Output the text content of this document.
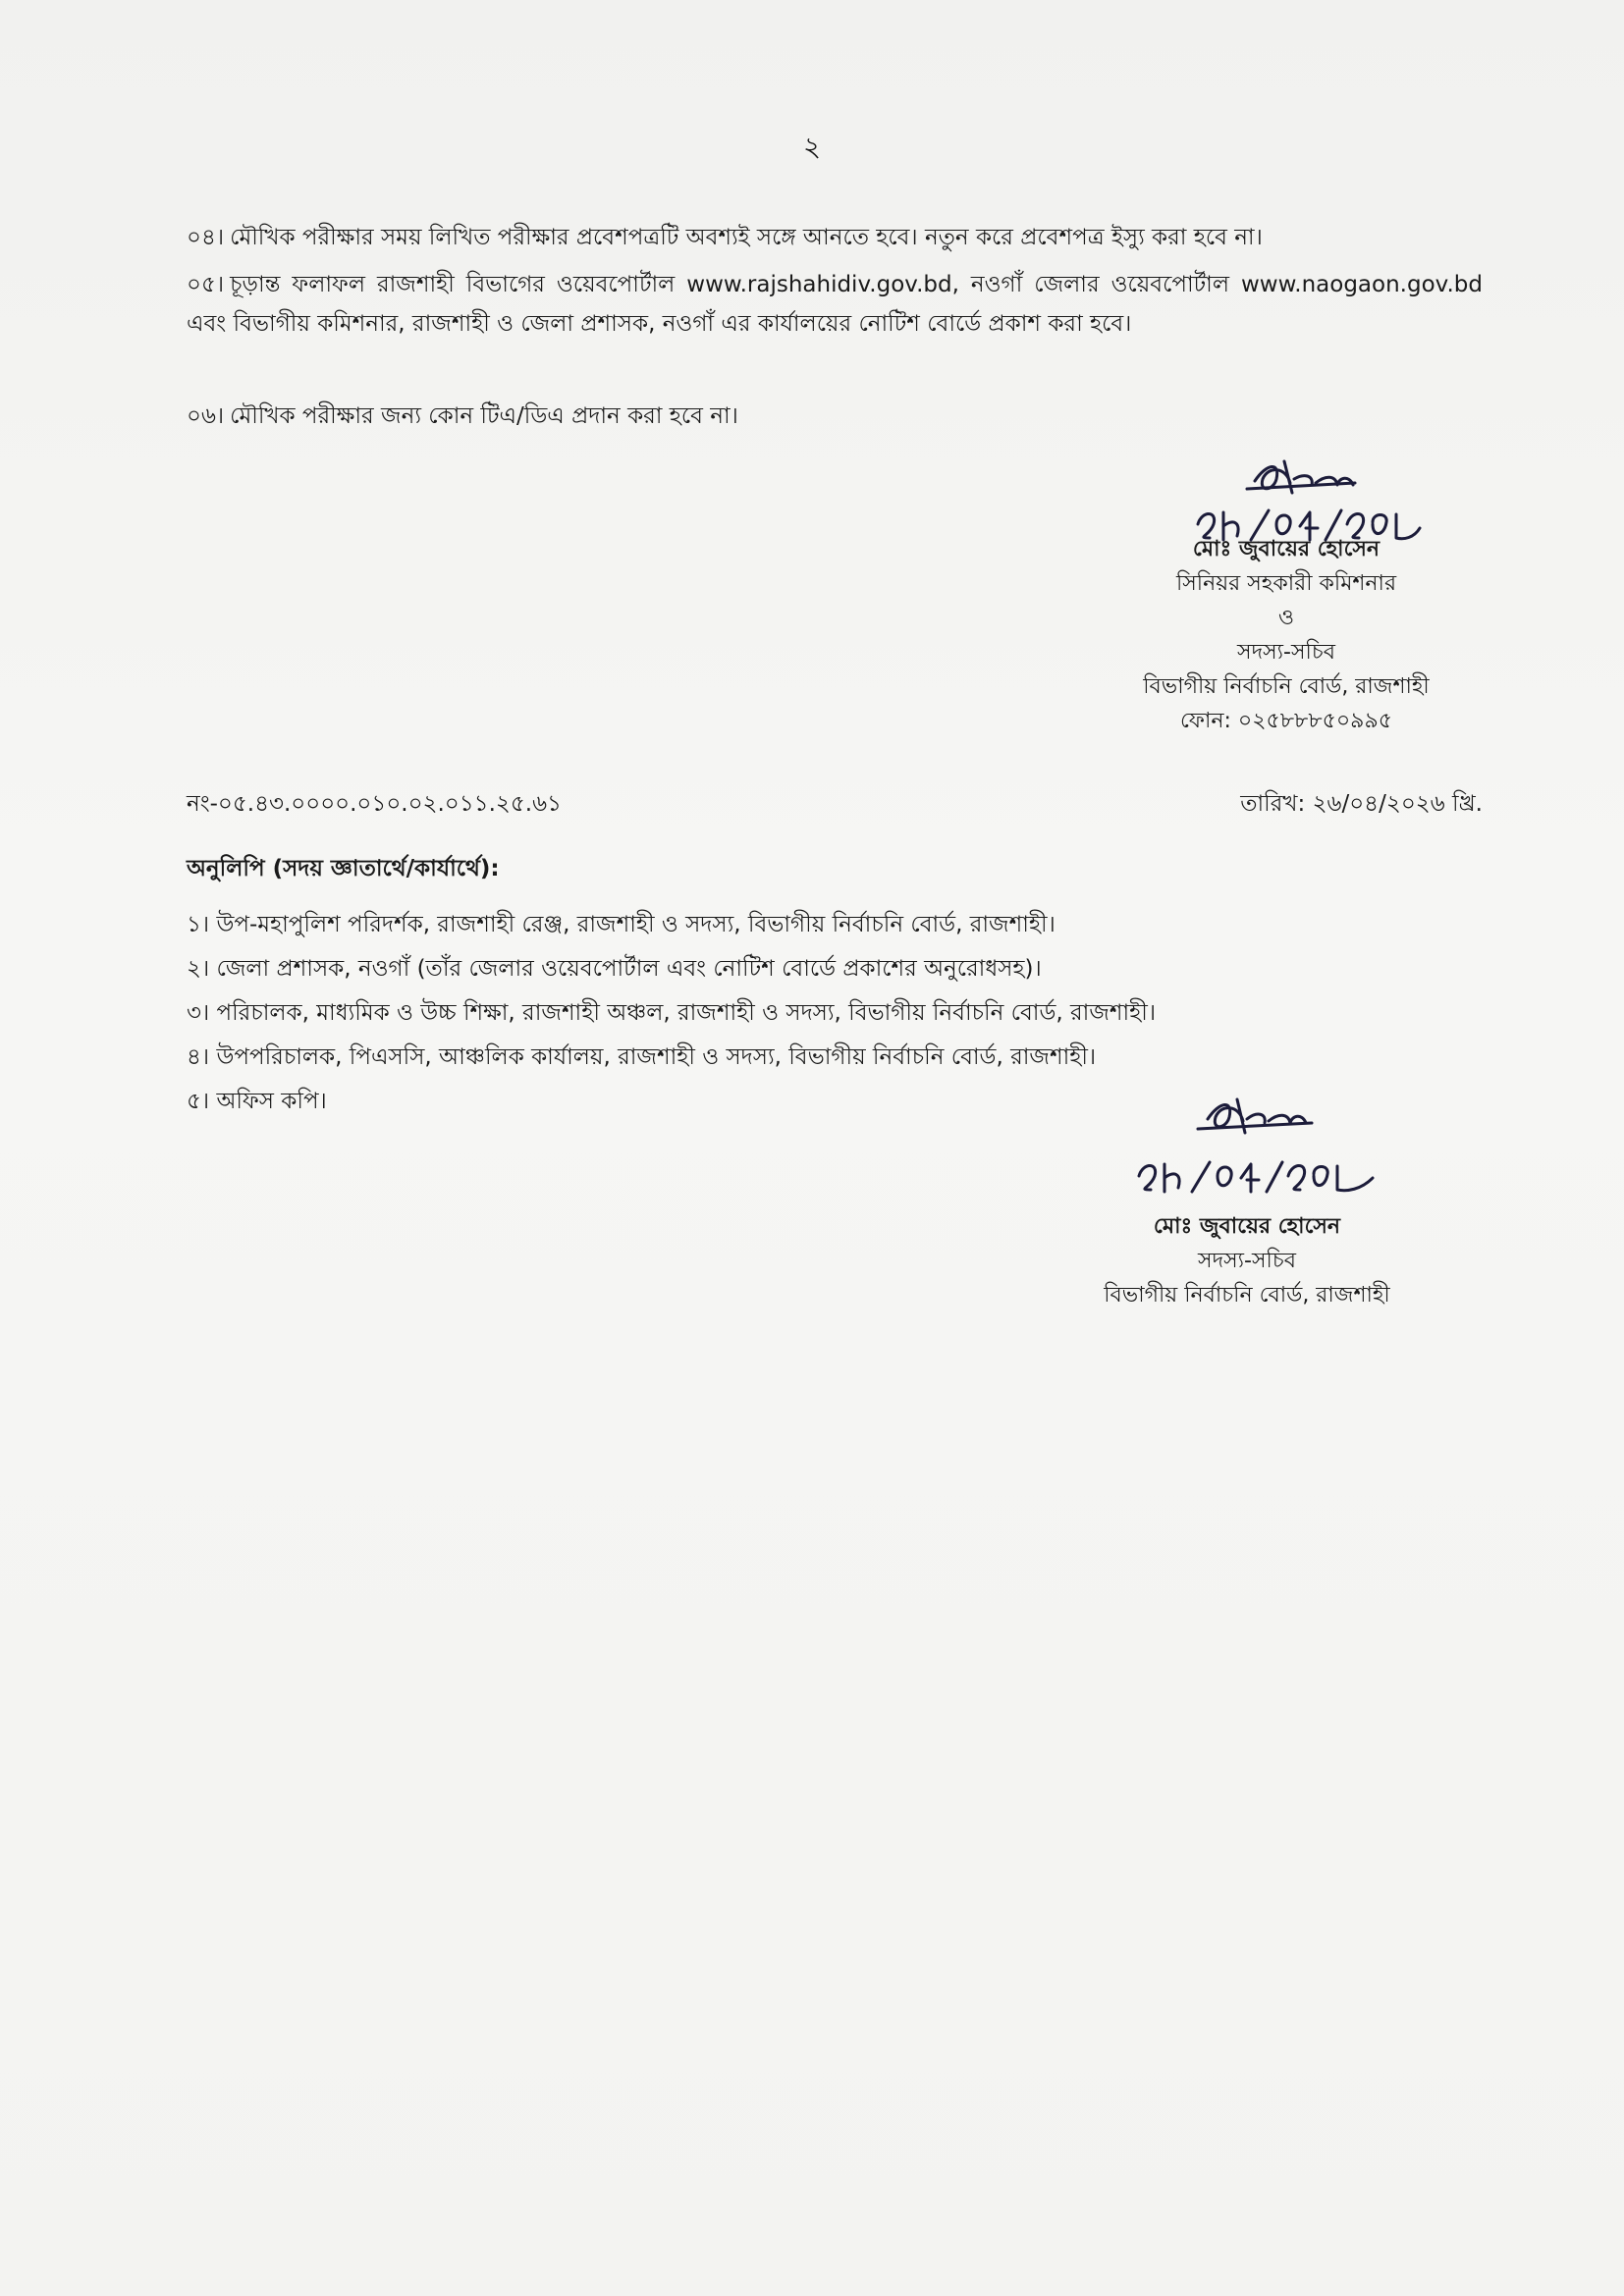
২
০৪। মৌখিক পরীক্ষার সময় লিখিত পরীক্ষার প্রবেশপত্রটি অবশ্যই সঙ্গে আনতে হবে। নতুন করে প্রবেশপত্র ইস্যু করা হবে না।
০৫। চূড়ান্ত ফলাফল রাজশাহী বিভাগের ওয়েবপোর্টাল www.rajshahidiv.gov.bd, নওগাঁ জেলার ওয়েবপোর্টাল www.naogaon.gov.bd এবং বিভাগীয় কমিশনার, রাজশাহী ও জেলা প্রশাসক, নওগাঁ এর কার্যালয়ের নোটিশ বোর্ডে প্রকাশ করা হবে।
০৬। মৌখিক পরীক্ষার জন্য কোন টিএ/ডিএ প্রদান করা হবে না।
মোঃ জুবায়ের হোসেন
সিনিয়র সহকারী কমিশনার
ও
সদস্য-সচিব
বিভাগীয় নির্বাচনি বোর্ড, রাজশাহী
ফোন: ০২৫৮৮৮৫০৯৯৫
নং-০৫.৪৩.০০০০.০১০.০২.০১১.২৫.৬১	তারিখ: ২৬/০৪/২০২৬ খ্রি.
অনুলিপি (সদয় জ্ঞাতার্থে/কার্যার্থে):
১। উপ-মহাপুলিশ পরিদর্শক, রাজশাহী রেঞ্জ, রাজশাহী ও সদস্য, বিভাগীয় নির্বাচনি বোর্ড, রাজশাহী।
২। জেলা প্রশাসক, নওগাঁ (তাঁর জেলার ওয়েবপোর্টাল এবং নোটিশ বোর্ডে প্রকাশের অনুরোধসহ)।
৩। পরিচালক, মাধ্যমিক ও উচ্চ শিক্ষা, রাজশাহী অঞ্চল, রাজশাহী ও সদস্য, বিভাগীয় নির্বাচনি বোর্ড, রাজশাহী।
৪। উপপরিচালক, পিএসসি, আঞ্চলিক কার্যালয়, রাজশাহী ও সদস্য, বিভাগীয় নির্বাচনি বোর্ড, রাজশাহী।
৫। অফিস কপি।
মোঃ জুবায়ের হোসেন
সদস্য-সচিব
বিভাগীয় নির্বাচনি বোর্ড, রাজশাহী
